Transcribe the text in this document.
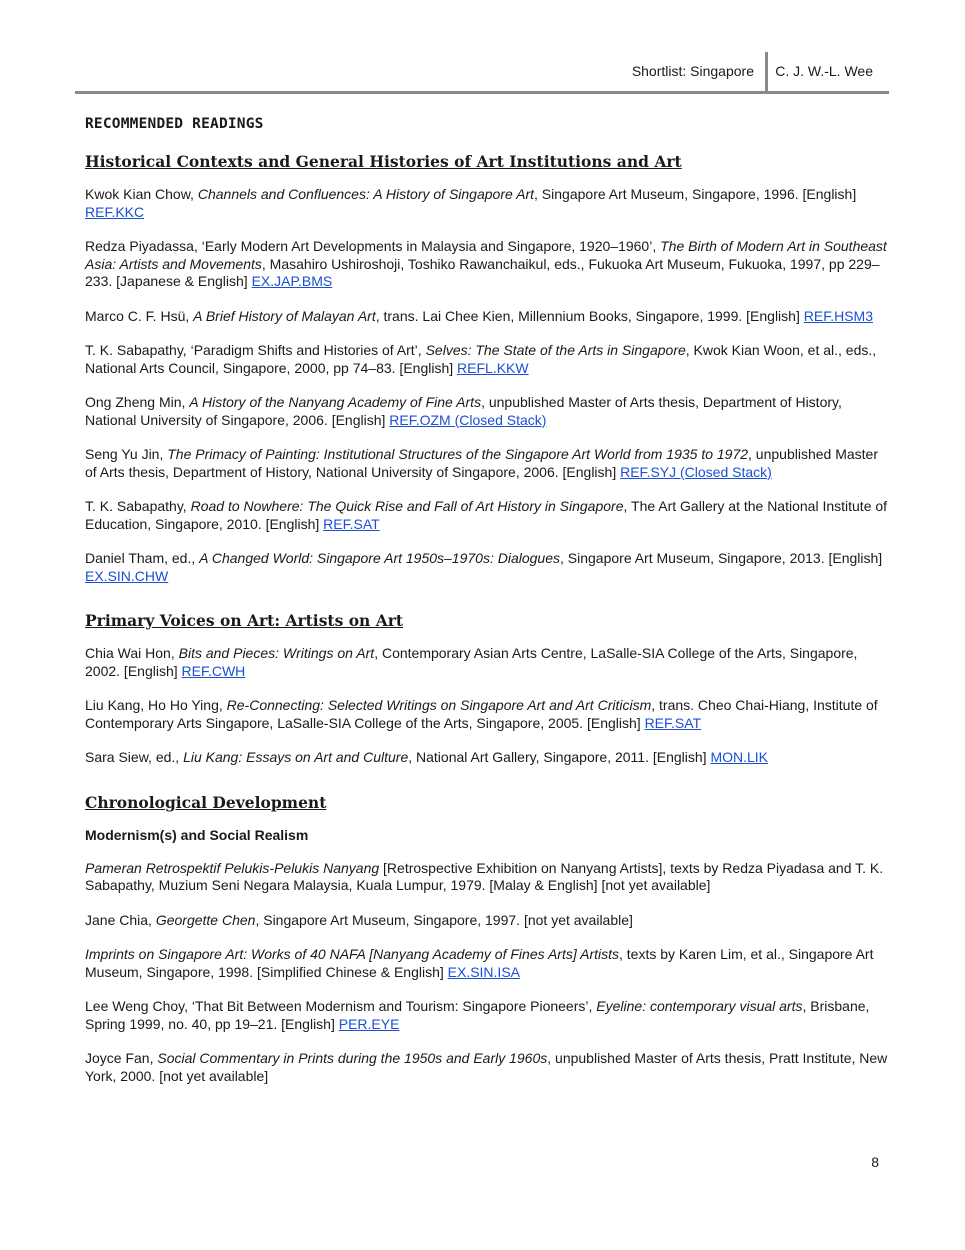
Shortlist: Singapore C. J. W.-L. Wee
RECOMMENDED READINGS
Historical Contexts and General Histories of Art Institutions and Art

Kwok Kian Chow, Channels and Confluences: A History of Singapore Art, Singapore Art Museum, Singapore, 1996. [English] REF.KKC

Redza Piyadassa, ‘Early Modern Art Developments in Malaysia and Singapore, 1920–1960’, The Birth of Modern Art in Southeast Asia: Artists and Movements, Masahiro Ushiroshoji, Toshiko Rawanchaikul, eds., Fukuoka Art Museum, Fukuoka, 1997, pp 229–233. [Japanese & English] EX.JAP.BMS

Marco C. F. Hsü, A Brief History of Malayan Art, trans. Lai Chee Kien, Millennium Books, Singapore, 1999. [English] REF.HSM3

T. K. Sabapathy, ‘Paradigm Shifts and Histories of Art’, Selves: The State of the Arts in Singapore, Kwok Kian Woon, et al., eds., National Arts Council, Singapore, 2000, pp 74–83. [English] REFL.KKW

Ong Zheng Min, A History of the Nanyang Academy of Fine Arts, unpublished Master of Arts thesis, Department of History, National University of Singapore, 2006. [English] REF.OZM (Closed Stack)

Seng Yu Jin, The Primacy of Painting: Institutional Structures of the Singapore Art World from 1935 to 1972, unpublished Master of Arts thesis, Department of History, National University of Singapore, 2006. [English] REF.SYJ (Closed Stack)

T. K. Sabapathy, Road to Nowhere: The Quick Rise and Fall of Art History in Singapore, The Art Gallery at the National Institute of Education, Singapore, 2010. [English] REF.SAT

Daniel Tham, ed., A Changed World: Singapore Art 1950s–1970s: Dialogues, Singapore Art Museum, Singapore, 2013. [English] EX.SIN.CHW

Primary Voices on Art: Artists on Art

Chia Wai Hon, Bits and Pieces: Writings on Art, Contemporary Asian Arts Centre, LaSalle-SIA College of the Arts, Singapore, 2002. [English] REF.CWH

Liu Kang, Ho Ho Ying, Re-Connecting: Selected Writings on Singapore Art and Art Criticism, trans. Cheo Chai-Hiang, Institute of Contemporary Arts Singapore, LaSalle-SIA College of the Arts, Singapore, 2005. [English] REF.SAT

Sara Siew, ed., Liu Kang: Essays on Art and Culture, National Art Gallery, Singapore, 2011. [English] MON.LIK

Chronological Development
Modernism(s) and Social Realism

Pameran Retrospektif Pelukis-Pelukis Nanyang [Retrospective Exhibition on Nanyang Artists], texts by Redza Piyadasa and T. K. Sabapathy, Muzium Seni Negara Malaysia, Kuala Lumpur, 1979. [Malay & English] [not yet available]

Jane Chia, Georgette Chen, Singapore Art Museum, Singapore, 1997. [not yet available]

Imprints on Singapore Art: Works of 40 NAFA [Nanyang Academy of Fines Arts] Artists, texts by Karen Lim, et al., Singapore Art Museum, Singapore, 1998. [Simplified Chinese & English] EX.SIN.ISA

Lee Weng Choy, ‘That Bit Between Modernism and Tourism: Singapore Pioneers’, Eyeline: contemporary visual arts, Brisbane, Spring 1999, no. 40, pp 19–21. [English] PER.EYE

Joyce Fan, Social Commentary in Prints during the 1950s and Early 1960s, unpublished Master of Arts thesis, Pratt Institute, New York, 2000. [not yet available]

8
